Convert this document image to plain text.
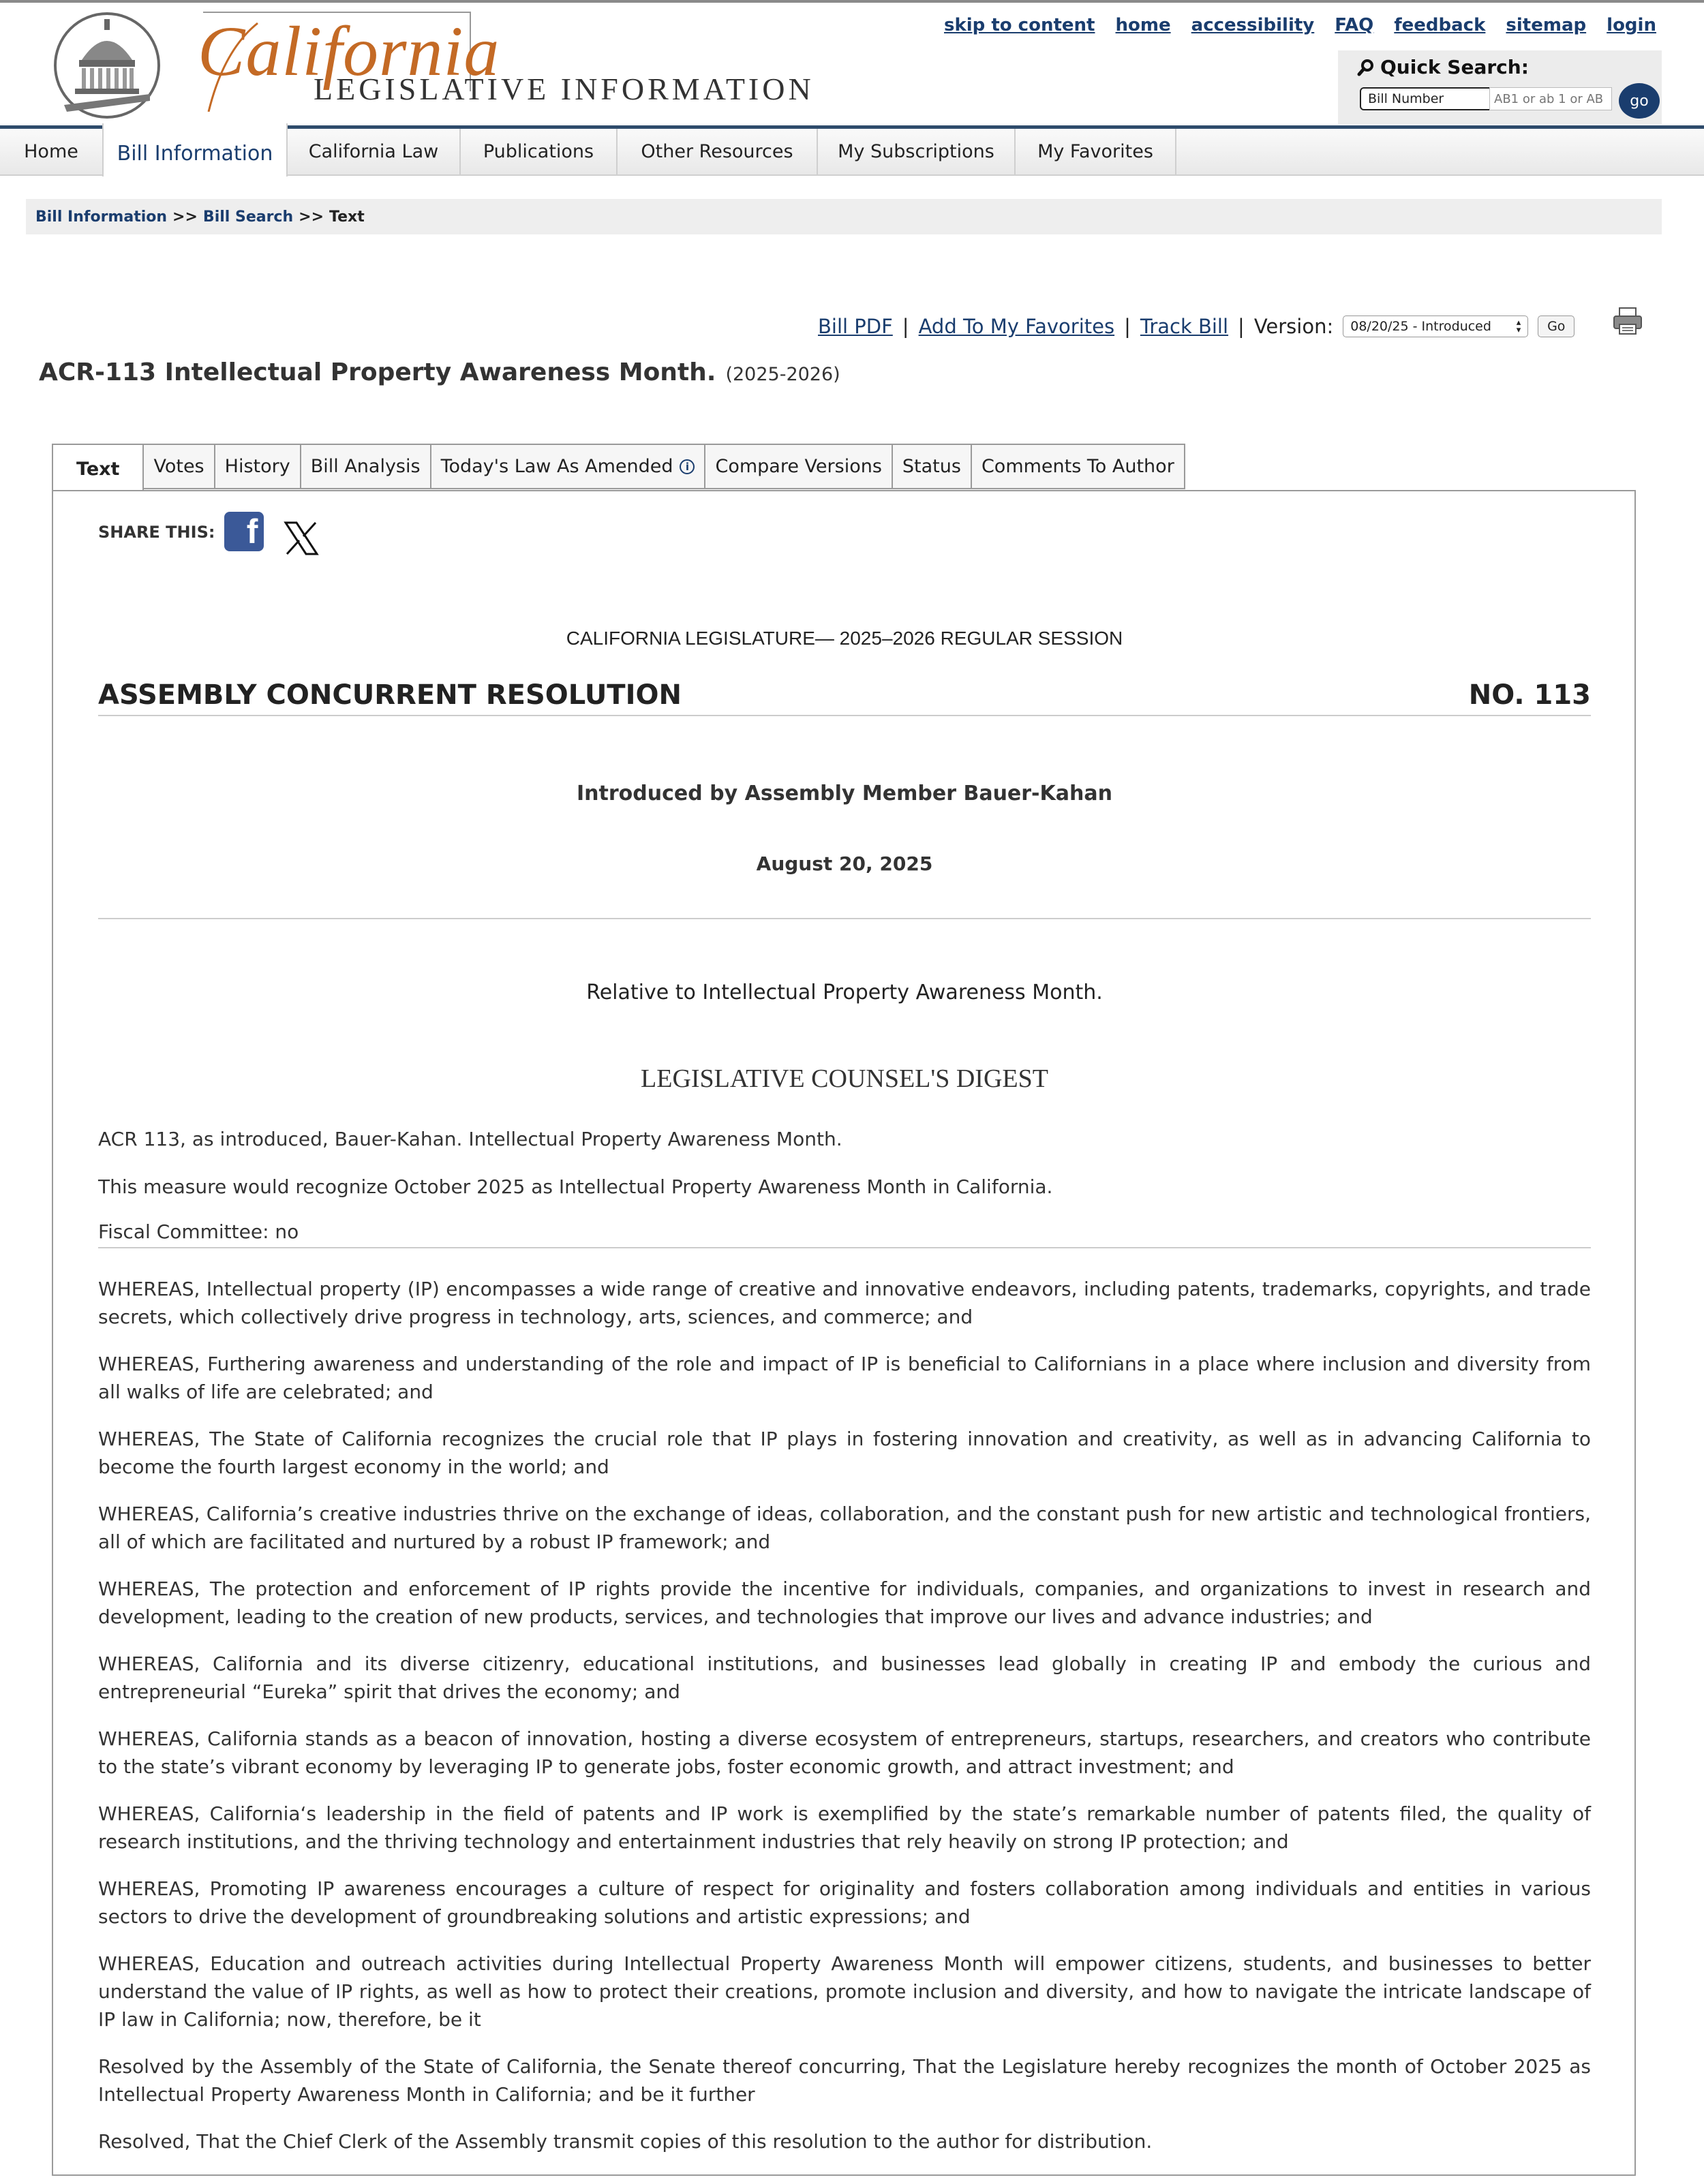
California
LEGISLATIVE INFORMATION
skip to content home accessibility FAQ feedback sitemap login
Quick Search:
Bill Number

AB1 or ab 1 or AB	go
Home	Bill Information	California Law	Publications	Other Resources	My Subscriptions	My Favorites
Bill Information >> Bill Search >> Text
Bill PDF | Add To My Favorites | Track Bill | Version: 08/20/25 - Introduced	▴
▾	Go
ACR-113 Intellectual Property Awareness Month. (2025-2026)
Text	Votes	History	Bill Analysis	Today's Law As Amended	i	Compare Versions	Status	Comments To Author
SHARE THIS: f
CALIFORNIA LEGISLATURE— 2025–2026 REGULAR SESSION
ASSEMBLY CONCURRENT RESOLUTION	NO. 113
Introduced by Assembly Member Bauer-Kahan
August 20, 2025
Relative to Intellectual Property Awareness Month.
LEGISLATIVE COUNSEL'S DIGEST
ACR 113, as introduced, Bauer-Kahan. Intellectual Property Awareness Month.
This measure would recognize October 2025 as Intellectual Property Awareness Month in California.
Fiscal Committee: no

WHEREAS, Intellectual property (IP) encompasses a wide range of creative and innovative endeavors, including patents, trademarks, copyrights, and trade secrets, which collectively drive progress in technology, arts, sciences, and commerce; and

WHEREAS, Furthering awareness and understanding of the role and impact of IP is beneficial to Californians in a place where inclusion and diversity from all walks of life are celebrated; and

WHEREAS, The State of California recognizes the crucial role that IP plays in fostering innovation and creativity, as well as in advancing California to become the fourth largest economy in the world; and

WHEREAS, California’s creative industries thrive on the exchange of ideas, collaboration, and the constant push for new artistic and technological frontiers, all of which are facilitated and nurtured by a robust IP framework; and

WHEREAS, The protection and enforcement of IP rights provide the incentive for individuals, companies, and organizations to invest in research and development, leading to the creation of new products, services, and technologies that improve our lives and advance industries; and

WHEREAS, California and its diverse citizenry, educational institutions, and businesses lead globally in creating IP and embody the curious and entrepreneurial “Eureka” spirit that drives the economy; and

WHEREAS, California stands as a beacon of innovation, hosting a diverse ecosystem of entrepreneurs, startups, researchers, and creators who contribute to the state’s vibrant economy by leveraging IP to generate jobs, foster economic growth, and attract investment; and

WHEREAS, California‘s leadership in the field of patents and IP work is exemplified by the state’s remarkable number of patents filed, the quality of research institutions, and the thriving technology and entertainment industries that rely heavily on strong IP protection; and

WHEREAS, Promoting IP awareness encourages a culture of respect for originality and fosters collaboration among individuals and entities in various sectors to drive the development of groundbreaking solutions and artistic expressions; and

WHEREAS, Education and outreach activities during Intellectual Property Awareness Month will empower citizens, students, and businesses to better understand the value of IP rights, as well as how to protect their creations, promote inclusion and diversity, and how to navigate the intricate landscape of IP law in California; now, therefore, be it

Resolved by the Assembly of the State of California, the Senate thereof concurring, That the Legislature hereby recognizes the month of October 2025 as Intellectual Property Awareness Month in California; and be it further

Resolved, That the Chief Clerk of the Assembly transmit copies of this resolution to the author for distribution.
